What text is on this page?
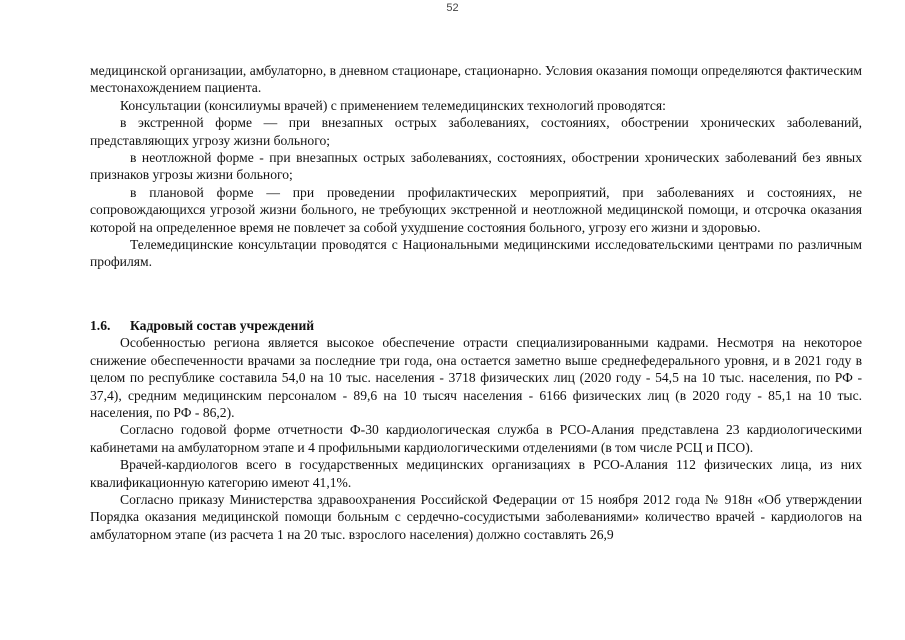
52

медицинской организации, амбулаторно, в дневном стационаре, стационарно. Условия оказания помощи определяются фактическим местонахождением пациента.

Консультации (консилиумы врачей) с применением телемедицинских технологий проводятся:

в экстренной форме — при внезапных острых заболеваниях, состояниях, обострении хронических заболеваний, представляющих угрозу жизни больного;

в неотложной форме - при внезапных острых заболеваниях, состояниях, обострении хронических заболеваний без явных признаков угрозы жизни больного;

в плановой форме — при проведении профилактических мероприятий, при заболеваниях и состояниях, не сопровождающихся угрозой жизни больного, не требующих экстренной и неотложной медицинской помощи, и отсрочка оказания которой на определенное время не повлечет за собой ухудшение состояния больного, угрозу его жизни и здоровью.

Телемедицинские консультации проводятся с Национальными медицинскими исследовательскими центрами по различным профилям.

1.6. Кадровый состав учреждений

Особенностью региона является высокое обеспечение отрасти специализированными кадрами. Несмотря на некоторое снижение обеспеченности врачами за последние три года, она остается заметно выше среднефедерального уровня, и в 2021 году в целом по республике составила 54,0 на 10 тыс. населения - 3718 физических лиц (2020 году - 54,5 на 10 тыс. населения, по РФ - 37,4), средним медицинским персоналом - 89,6 на 10 тысяч населения - 6166 физических лиц (в 2020 году - 85,1 на 10 тыс. населения, по РФ - 86,2).

Согласно годовой форме отчетности Ф-30 кардиологическая служба в РСО-Алания представлена 23 кардиологическими кабинетами на амбулаторном этапе и 4 профильными кардиологическими отделениями (в том числе РСЦ и ПСО).

Врачей-кардиологов всего в государственных медицинских организациях в РСО-Алания 112 физических лица, из них квалификационную категорию имеют 41,1%.

Согласно приказу Министерства здравоохранения Российской Федерации от 15 ноября 2012 года № 918н «Об утверждении Порядка оказания медицинской помощи больным с сердечно-сосудистыми заболеваниями» количество врачей - кардиологов на амбулаторном этапе (из расчета 1 на 20 тыс. взрослого населения) должно составлять 26,9
